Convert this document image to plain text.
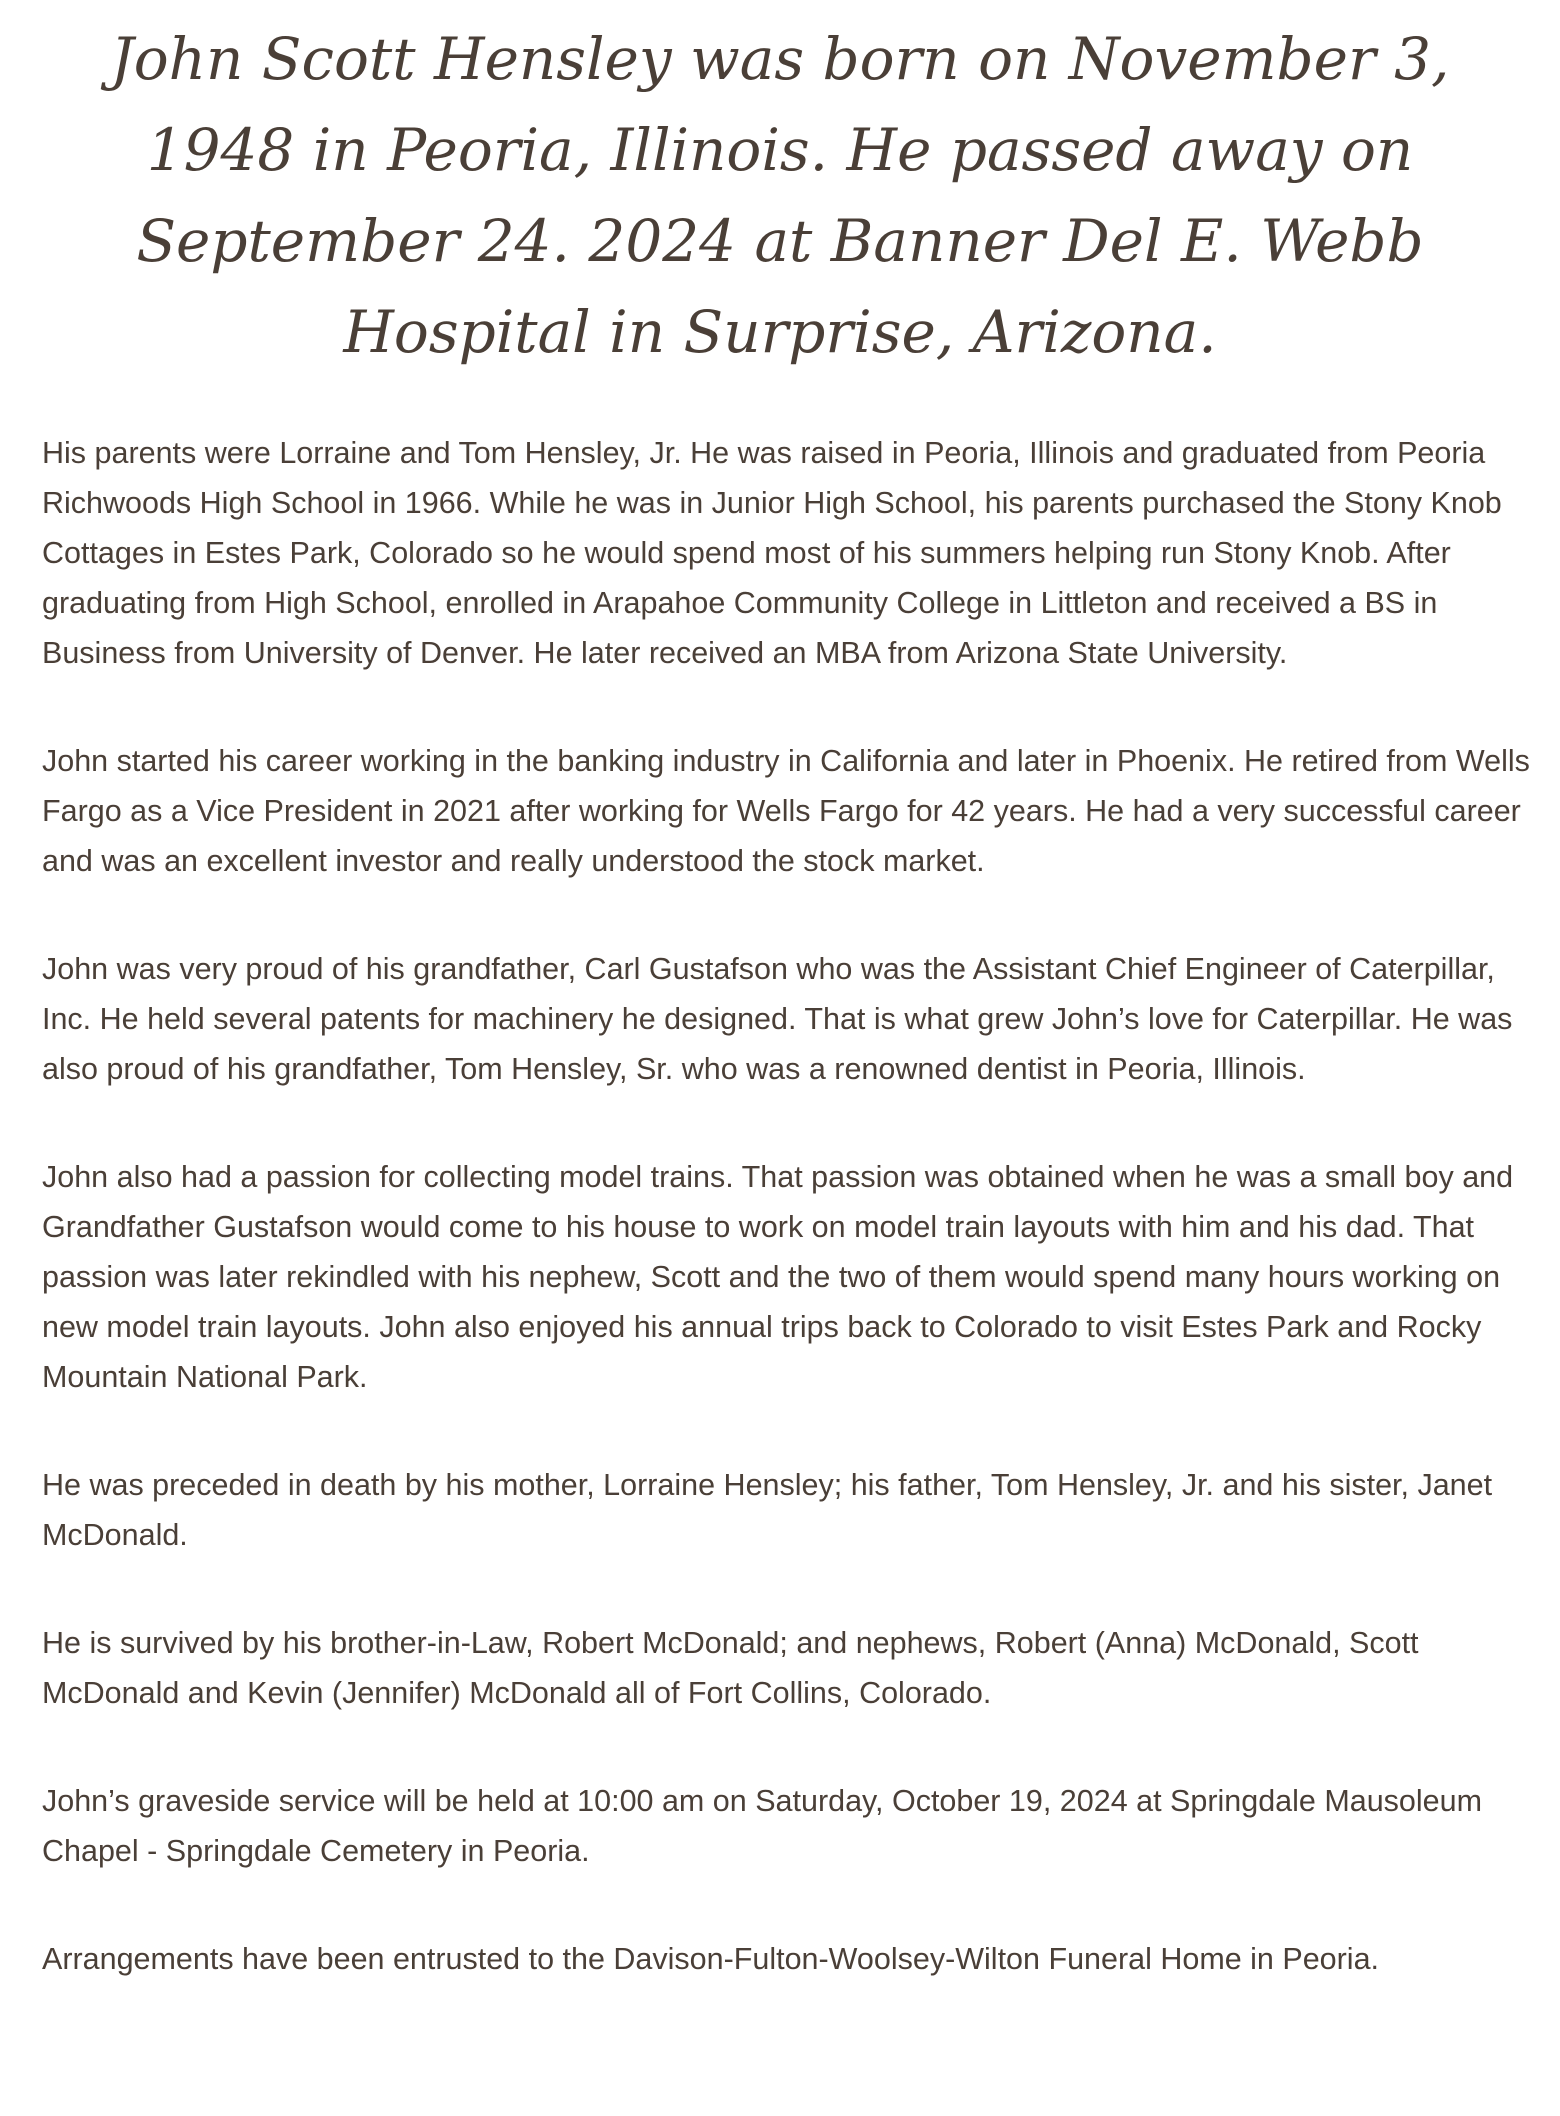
John Scott Hensley was born on November 3, 1948 in Peoria, Illinois. He passed away on September 24. 2024 at Banner Del E. Webb Hospital in Surprise, Arizona.

His parents were Lorraine and Tom Hensley, Jr. He was raised in Peoria, Illinois and graduated from Peoria Richwoods High School in 1966. While he was in Junior High School, his parents purchased the Stony Knob Cottages in Estes Park, Colorado so he would spend most of his summers helping run Stony Knob. After graduating from High School, enrolled in Arapahoe Community College in Littleton and received a BS in Business from University of Denver. He later received an MBA from Arizona State University.

John started his career working in the banking industry in California and later in Phoenix. He retired from Wells Fargo as a Vice President in 2021 after working for Wells Fargo for 42 years. He had a very successful career and was an excellent investor and really understood the stock market.

John was very proud of his grandfather, Carl Gustafson who was the Assistant Chief Engineer of Caterpillar, Inc. He held several patents for machinery he designed. That is what grew John’s love for Caterpillar. He was also proud of his grandfather, Tom Hensley, Sr. who was a renowned dentist in Peoria, Illinois.

John also had a passion for collecting model trains. That passion was obtained when he was a small boy and Grandfather Gustafson would come to his house to work on model train layouts with him and his dad. That passion was later rekindled with his nephew, Scott and the two of them would spend many hours working on new model train layouts. John also enjoyed his annual trips back to Colorado to visit Estes Park and Rocky Mountain National Park.

He was preceded in death by his mother, Lorraine Hensley; his father, Tom Hensley, Jr. and his sister, Janet McDonald.

He is survived by his brother-in-Law, Robert McDonald; and nephews, Robert (Anna) McDonald, Scott McDonald and Kevin (Jennifer) McDonald all of Fort Collins, Colorado.

John’s graveside service will be held at 10:00 am on Saturday, October 19, 2024 at Springdale Mausoleum Chapel - Springdale Cemetery in Peoria.

Arrangements have been entrusted to the Davison-Fulton-Woolsey-Wilton Funeral Home in Peoria.
